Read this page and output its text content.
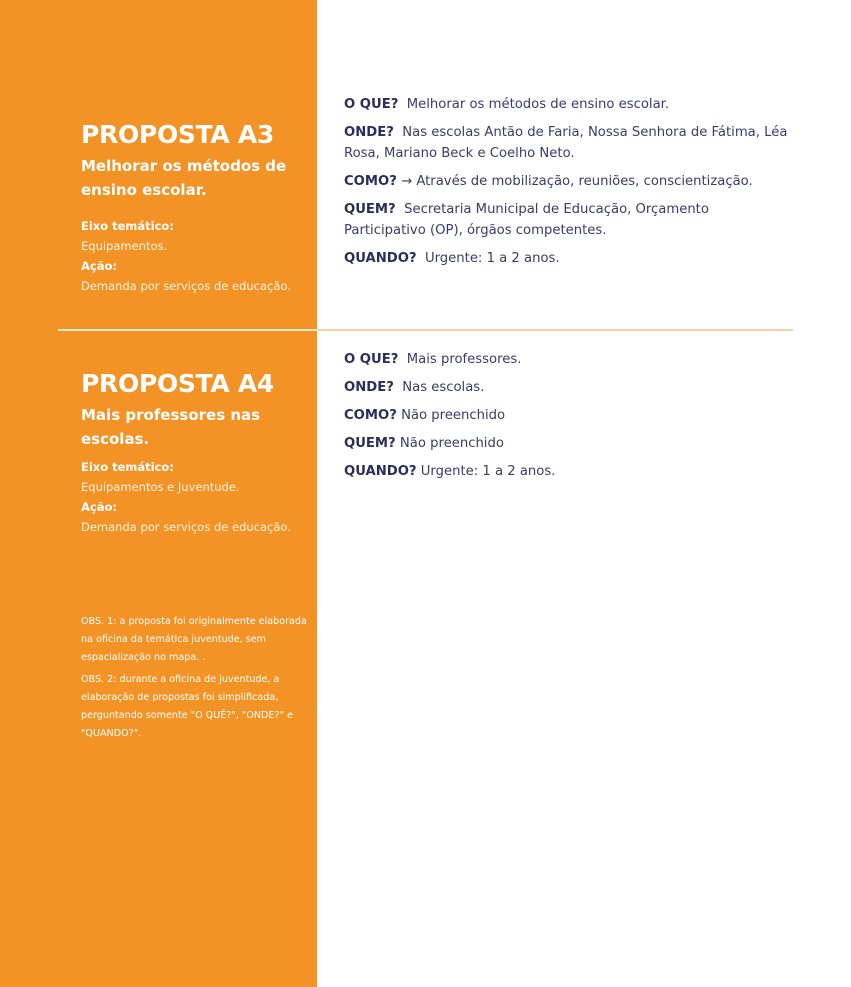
PROPOSTA A3
Melhorar os métodos de ensino escolar.
Eixo temático:
Equipamentos.
Ação:
Demanda por serviços de educação.
PROPOSTA A4
Mais professores nas escolas.
Eixo temático:
Equipamentos e Juventude.
Ação:
Demanda por serviços de educação.

OBS. 1: a proposta foi originalmente elaborada na oficina da temática juventude, sem espacialização no mapa. .

OBS. 2: durante a oficina de juventude, a elaboração de propostas foi simplificada, perguntando somente "O QUÊ?", "ONDE?" e "QUANDO?".

O QUE? Melhorar os métodos de ensino escolar.
ONDE? Nas escolas Antão de Faria, Nossa Senhora de Fátima, Léa Rosa, Mariano Beck e Coelho Neto.
COMO? → Através de mobilização, reuniões, conscientização.
QUEM? Secretaria Municipal de Educação, Orçamento Participativo (OP), órgãos competentes.
QUANDO? Urgente: 1 a 2 anos.
O QUE? Mais professores.
ONDE? Nas escolas.
COMO? Não preenchido
QUEM? Não preenchido
QUANDO? Urgente: 1 a 2 anos.
